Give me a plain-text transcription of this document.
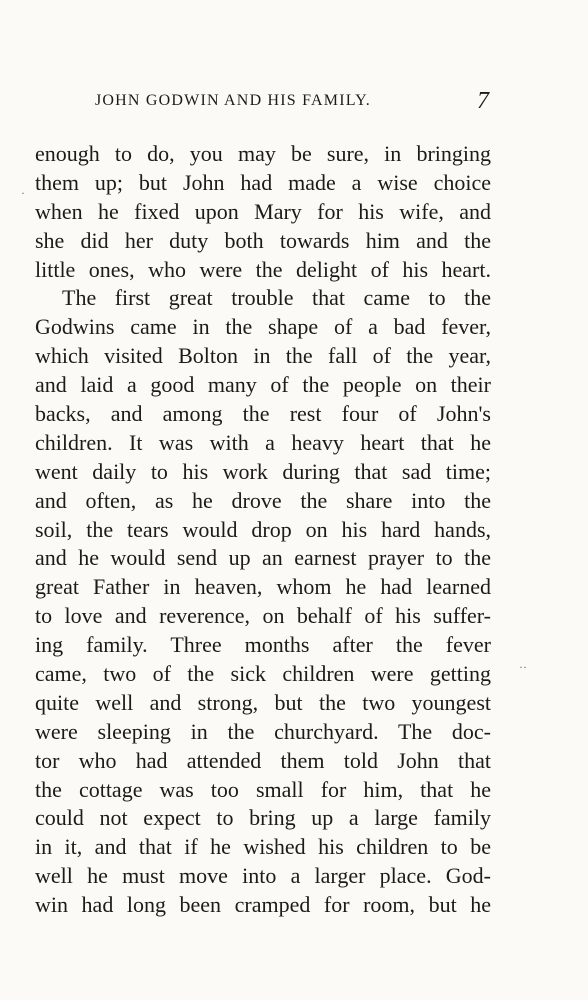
JOHN GODWIN AND HIS FAMILY.	7
enough to do, you may be sure, in bringing
them up; but John had made a wise choice
when he fixed upon Mary for his wife, and
she did her duty both towards him and the
little ones, who were the delight of his heart.
The first great trouble that came to the
Godwins came in the shape of a bad fever,
which visited Bolton in the fall of the year,
and laid a good many of the people on their
backs, and among the rest four of John's
children. It was with a heavy heart that he
went daily to his work during that sad time;
and often, as he drove the share into the
soil, the tears would drop on his hard hands,
and he would send up an earnest prayer to the
great Father in heaven, whom he had learned
to love and reverence, on behalf of his suffer-
ing family. Three months after the fever
came, two of the sick children were getting
quite well and strong, but the two youngest
were sleeping in the churchyard. The doc-
tor who had attended them told John that
the cottage was too small for him, that he
could not expect to bring up a large family
in it, and that if he wished his children to be
well he must move into a larger place. God-
win had long been cramped for room, but he
··
·
